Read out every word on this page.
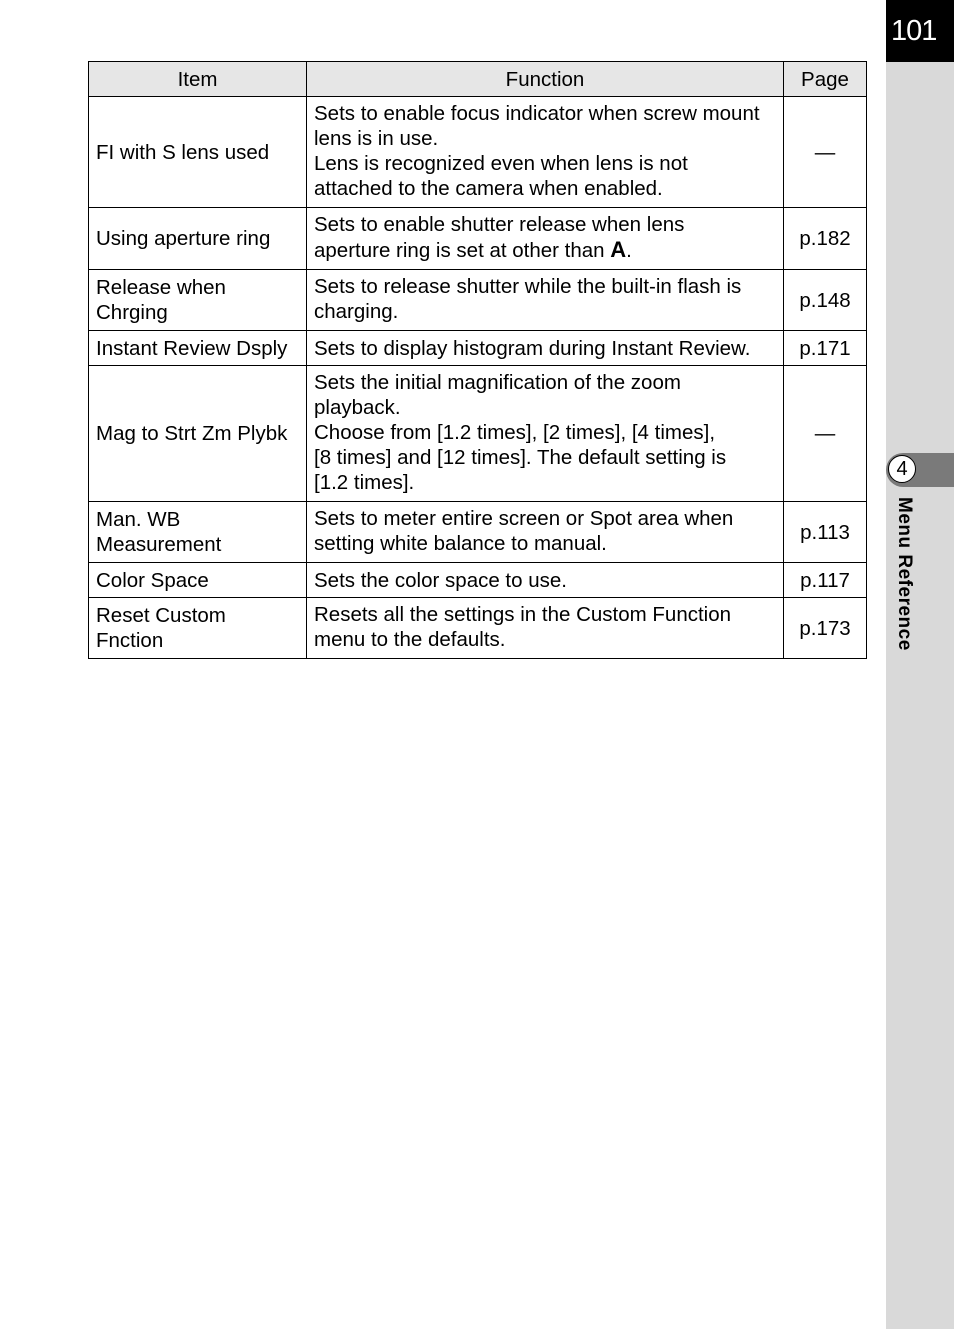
101
4
Menu Reference
Item	Function	Page
FI with S lens used	Sets to enable focus indicator when screw mount
lens is in use.
Lens is recognized even when lens is not
attached to the camera when enabled.	—
Using aperture ring	Sets to enable shutter release when lens
aperture ring is set at other than A.	p.182
Release when
Chrging	Sets to release shutter while the built-in flash is
charging.	p.148
Instant Review Dsply	Sets to display histogram during Instant Review.	p.171
Mag to Strt Zm Plybk	Sets the initial magnification of the zoom
playback.
Choose from [1.2 times], [2 times], [4 times],
[8 times] and [12 times]. The default setting is
[1.2 times].	—
Man. WB
Measurement	Sets to meter entire screen or Spot area when
setting white balance to manual.	p.113
Color Space	Sets the color space to use.	p.117
Reset Custom
Fnction	Resets all the settings in the Custom Function
menu to the defaults.	p.173
